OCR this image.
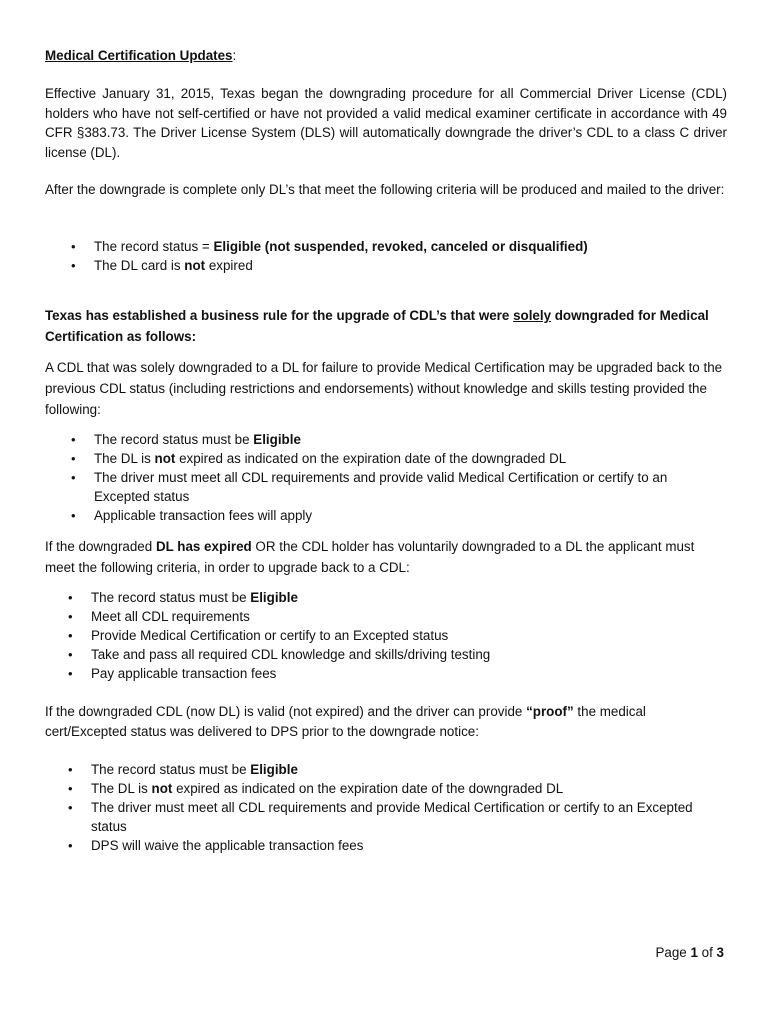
Medical Certification Updates:

Effective January 31, 2015, Texas began the downgrading procedure for all Commercial Driver License (CDL) holders who have not self-certified or have not provided a valid medical examiner certificate in accordance with 49 CFR §383.73. The Driver License System (DLS) will automatically downgrade the driver’s CDL to a class C driver license (DL).

After the downgrade is complete only DL’s that meet the following criteria will be produced and mailed to the driver:

• The record status = Eligible (not suspended, revoked, canceled or disqualified)
• The DL card is not expired

Texas has established a business rule for the upgrade of CDL’s that were solely downgraded for Medical Certification as follows:

A CDL that was solely downgraded to a DL for failure to provide Medical Certification may be upgraded back to the previous CDL status (including restrictions and endorsements) without knowledge and skills testing provided the following:

• The record status must be Eligible
• The DL is not expired as indicated on the expiration date of the downgraded DL
• The driver must meet all CDL requirements and provide valid Medical Certification or certify to an Excepted status
• Applicable transaction fees will apply

If the downgraded DL has expired OR the CDL holder has voluntarily downgraded to a DL the applicant must meet the following criteria, in order to upgrade back to a CDL:

• The record status must be Eligible
• Meet all CDL requirements
• Provide Medical Certification or certify to an Excepted status
• Take and pass all required CDL knowledge and skills/driving testing
• Pay applicable transaction fees

If the downgraded CDL (now DL) is valid (not expired) and the driver can provide “proof” the medical cert/Excepted status was delivered to DPS prior to the downgrade notice:

• The record status must be Eligible
• The DL is not expired as indicated on the expiration date of the downgraded DL
• The driver must meet all CDL requirements and provide Medical Certification or certify to an Excepted status
• DPS will waive the applicable transaction fees
Page 1 of 3
